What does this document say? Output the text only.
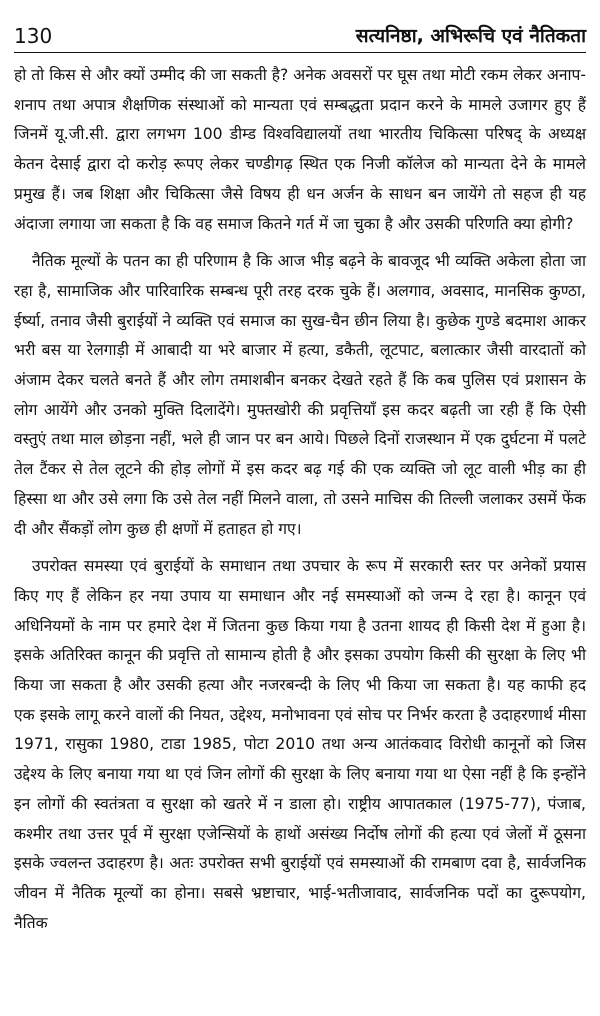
130	सत्यनिष्ठा, अभिरूचि एवं नैतिकता

हो तो किस से और क्यों उम्मीद की जा सकती है? अनेक अवसरों पर घूस तथा मोटी रकम लेकर अनाप-शनाप तथा अपात्र शैक्षणिक संस्थाओं को मान्यता एवं सम्बद्धता प्रदान करने के मामले उजागर हुए हैं जिनमें यू.जी.सी. द्वारा लगभग 100 डीम्ड विश्वविद्यालयों तथा भारतीय चिकित्सा परिषद् के अध्यक्ष केतन देसाई द्वारा दो करोड़ रूपए लेकर चण्डीगढ़ स्थित एक निजी कॉलेज को मान्यता देने के मामले प्रमुख हैं। जब शिक्षा और चिकित्सा जैसे विषय ही धन अर्जन के साधन बन जायेंगे तो सहज ही यह अंदाजा लगाया जा सकता है कि वह समाज कितने गर्त में जा चुका है और उसकी परिणति क्या होगी?

नैतिक मूल्यों के पतन का ही परिणाम है कि आज भीड़ बढ़ने के बावजूद भी व्यक्ति अकेला होता जा रहा है, सामाजिक और पारिवारिक सम्बन्ध पूरी तरह दरक चुके हैं। अलगाव, अवसाद, मानसिक कुण्ठा, ईर्ष्या, तनाव जैसी बुराईयों ने व्यक्ति एवं समाज का सुख-चैन छीन लिया है। कुछेक गुण्डे बदमाश आकर भरी बस या रेलगाड़ी में आबादी या भरे बाजार में हत्या, डकैती, लूटपाट, बलात्कार जैसी वारदातों को अंजाम देकर चलते बनते हैं और लोग तमाशबीन बनकर देखते रहते हैं कि कब पुलिस एवं प्रशासन के लोग आयेंगे और उनको मुक्ति दिलादेंगे। मुफ्तखोरी की प्रवृत्तियाँ इस कदर बढ़ती जा रही हैं कि ऐसी वस्तुएं तथा माल छोड़ना नहीं, भले ही जान पर बन आये। पिछले दिनों राजस्थान में एक दुर्घटना में पलटे तेल टैंकर से तेल लूटने की होड़ लोगों में इस कदर बढ़ गई की एक व्यक्ति जो लूट वाली भीड़ का ही हिस्सा था और उसे लगा कि उसे तेल नहीं मिलने वाला, तो उसने माचिस की तिल्ली जलाकर उसमें फेंक दी और सैंकड़ों लोग कुछ ही क्षणों में हताहत हो गए।

उपरोक्त समस्या एवं बुराईयों के समाधान तथा उपचार के रूप में सरकारी स्तर पर अनेकों प्रयास किए गए हैं लेकिन हर नया उपाय या समाधान और नई समस्याओं को जन्म दे रहा है। कानून एवं अधिनियमों के नाम पर हमारे देश में जितना कुछ किया गया है उतना शायद ही किसी देश में हुआ है। इसके अतिरिक्त कानून की प्रवृत्ति तो सामान्य होती है और इसका उपयोग किसी की सुरक्षा के लिए भी किया जा सकता है और उसकी हत्या और नजरबन्दी के लिए भी किया जा सकता है। यह काफी हद एक इसके लागू करने वालों की नियत, उद्देश्य, मनोभावना एवं सोच पर निर्भर करता है उदाहरणार्थ मीसा 1971, रासुका 1980, टाडा 1985, पोटा 2010 तथा अन्य आतंकवाद विरोधी कानूनों को जिस उद्देश्य के लिए बनाया गया था एवं जिन लोगों की सुरक्षा के लिए बनाया गया था ऐसा नहीं है कि इन्होंने इन लोगों की स्वतंत्रता व सुरक्षा को खतरे में न डाला हो। राष्ट्रीय आपातकाल (1975-77), पंजाब, कश्मीर तथा उत्तर पूर्व में सुरक्षा एजेन्सियों के हाथों असंख्य निर्दोष लोगों की हत्या एवं जेलों में ठूसना इसके ज्वलन्त उदाहरण है। अतः उपरोक्त सभी बुराईयों एवं समस्याओं की रामबाण दवा है, सार्वजनिक जीवन में नैतिक मूल्यों का होना। सबसे भ्रष्टाचार, भाई-भतीजावाद, सार्वजनिक पदों का दुरूपयोग, नैतिक
